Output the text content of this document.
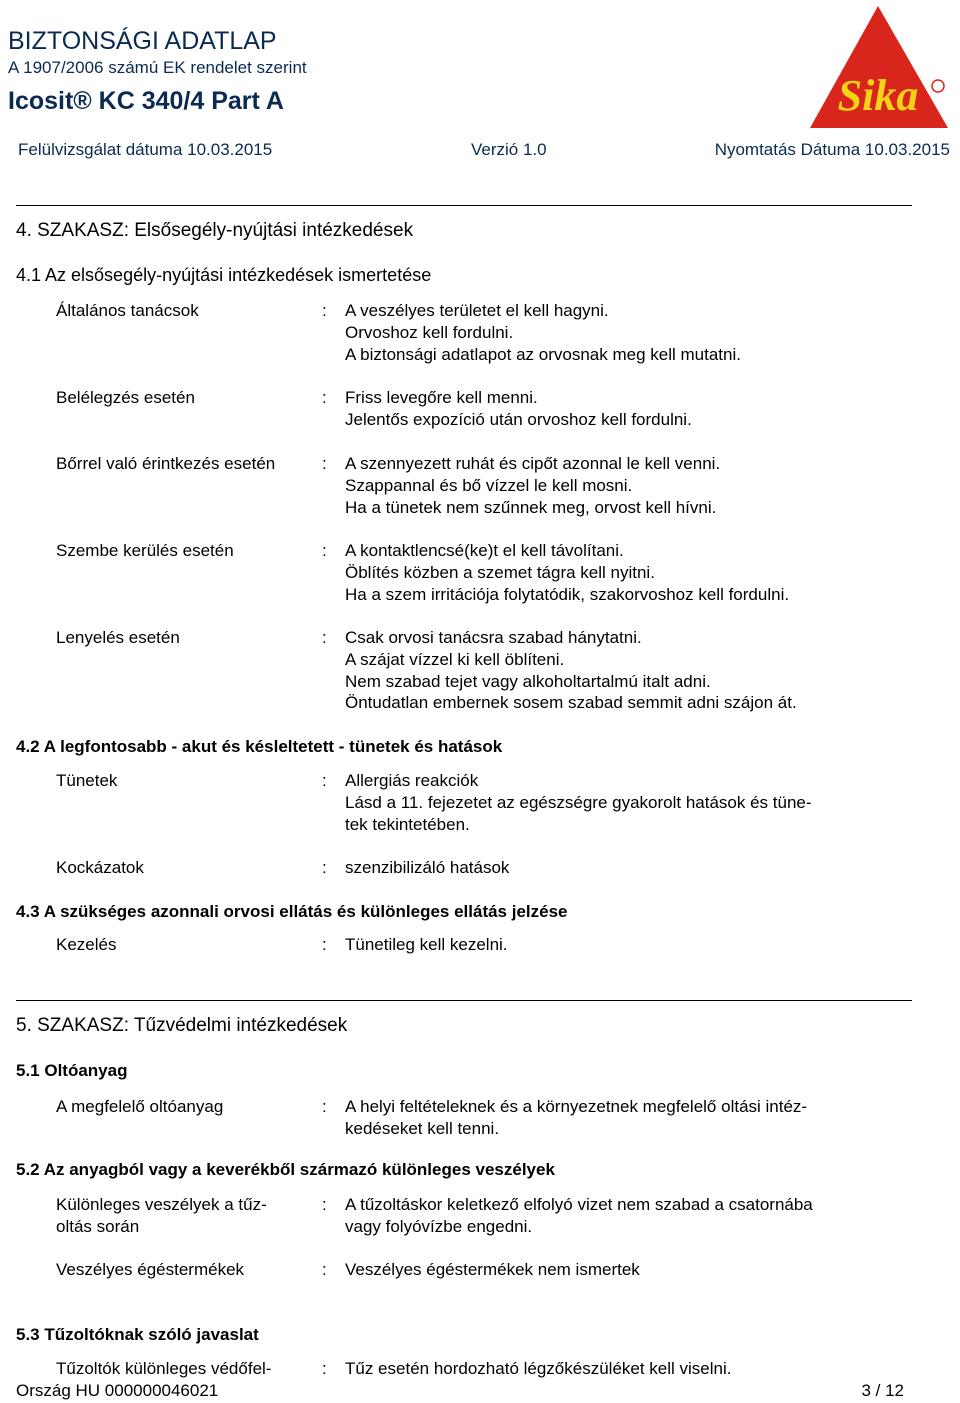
BIZTONSÁGI ADATLAP
A 1907/2006 számú EK rendelet szerint
Icosit® KC 340/4 Part A
Felülvizsgálat dátuma 10.03.2015	Verzió 1.0	Nyomtatás Dátuma 10.03.2015
Sika
4. SZAKASZ: Elsősegély-nyújtási intézkedések
4.1 Az elsősegély-nyújtási intézkedések ismertetése
Általános tanácsok	: A veszélyes területet el kell hagyni.
Orvoshoz kell fordulni.
A biztonsági adatlapot az orvosnak meg kell mutatni.
Belélegzés esetén	: Friss levegőre kell menni.
Jelentős expozíció után orvoshoz kell fordulni.
Bőrrel való érintkezés esetén	: A szennyezett ruhát és cipőt azonnal le kell venni.
Szappannal és bő vízzel le kell mosni.
Ha a tünetek nem szűnnek meg, orvost kell hívni.
Szembe kerülés esetén	: A kontaktlencsé(ke)t el kell távolítani.
Öblítés közben a szemet tágra kell nyitni.
Ha a szem irritációja folytatódik, szakorvoshoz kell fordulni.
Lenyelés esetén	: Csak orvosi tanácsra szabad hánytatni.
A szájat vízzel ki kell öblíteni.
Nem szabad tejet vagy alkoholtartalmú italt adni.
Öntudatlan embernek sosem szabad semmit adni szájon át.
4.2 A legfontosabb - akut és késleltetett - tünetek és hatások
Tünetek	: Allergiás reakciók
Lásd a 11. fejezetet az egészségre gyakorolt hatások és tüne-
tek tekintetében.
Kockázatok	: szenzibilizáló hatások
4.3 A szükséges azonnali orvosi ellátás és különleges ellátás jelzése
Kezelés	: Tünetileg kell kezelni.
5. SZAKASZ: Tűzvédelmi intézkedések
5.1 Oltóanyag
A megfelelő oltóanyag	: A helyi feltételeknek és a környezetnek megfelelő oltási intéz-
kedéseket kell tenni.
5.2 Az anyagból vagy a keverékből származó különleges veszélyek
Különleges veszélyek a tűz-
oltás során
: A tűzoltáskor keletkező elfolyó vizet nem szabad a csatornába
vagy folyóvízbe engedni.
Veszélyes égéstermékek	: Veszélyes égéstermékek nem ismertek
5.3 Tűzoltóknak szóló javaslat
Tűzoltók különleges védőfel-	: Tűz esetén hordozható légzőkészüléket kell viselni.
Ország HU 000000046021	3 / 12
